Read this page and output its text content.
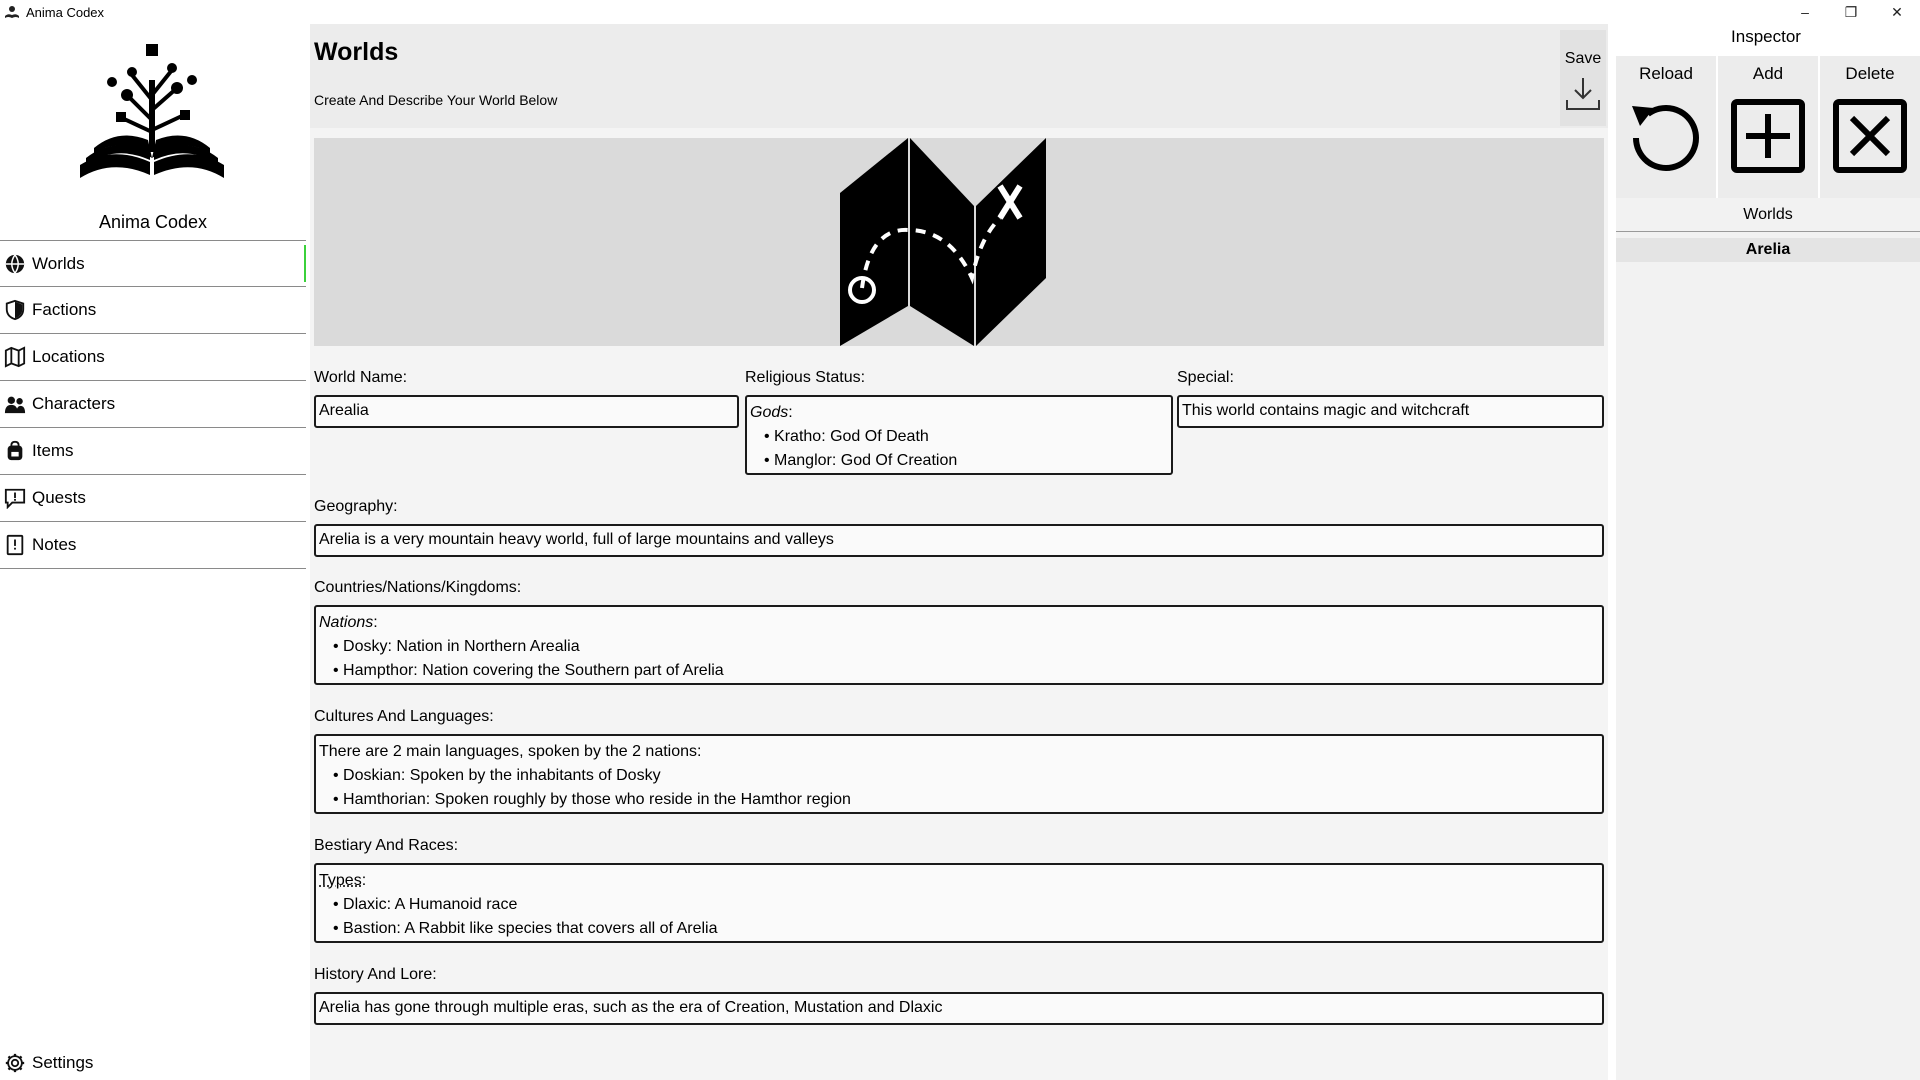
Anima Codex	–	❐	✕
Anima Codex
Worlds
Factions
Locations
Characters
Items
Quests
Notes
Settings
Worlds
Create And Describe Your World Below
Save
World Name:
Arealia
Religious Status:
Gods:
• Kratho: God Of Death
• Manglor: God Of Creation
Special:
This world contains magic and witchcraft
Geography:
Arelia is a very mountain heavy world, full of large mountains and valleys
Countries/Nations/Kingdoms:
Nations:
• Dosky: Nation in Northern Arealia
• Hampthor: Nation covering the Southern part of Arelia
Cultures And Languages:
There are 2 main languages, spoken by the 2 nations:
• Doskian: Spoken by the inhabitants of Dosky
• Hamthorian: Spoken roughly by those who reside in the Hamthor region
Bestiary And Races:
Types:
• Dlaxic: A Humanoid race
• Bastion: A Rabbit like species that covers all of Arelia
History And Lore:
Arelia has gone through multiple eras, such as the era of Creation, Mustation and Dlaxic
Inspector
Reload	Add	Delete
Worlds
Arelia
